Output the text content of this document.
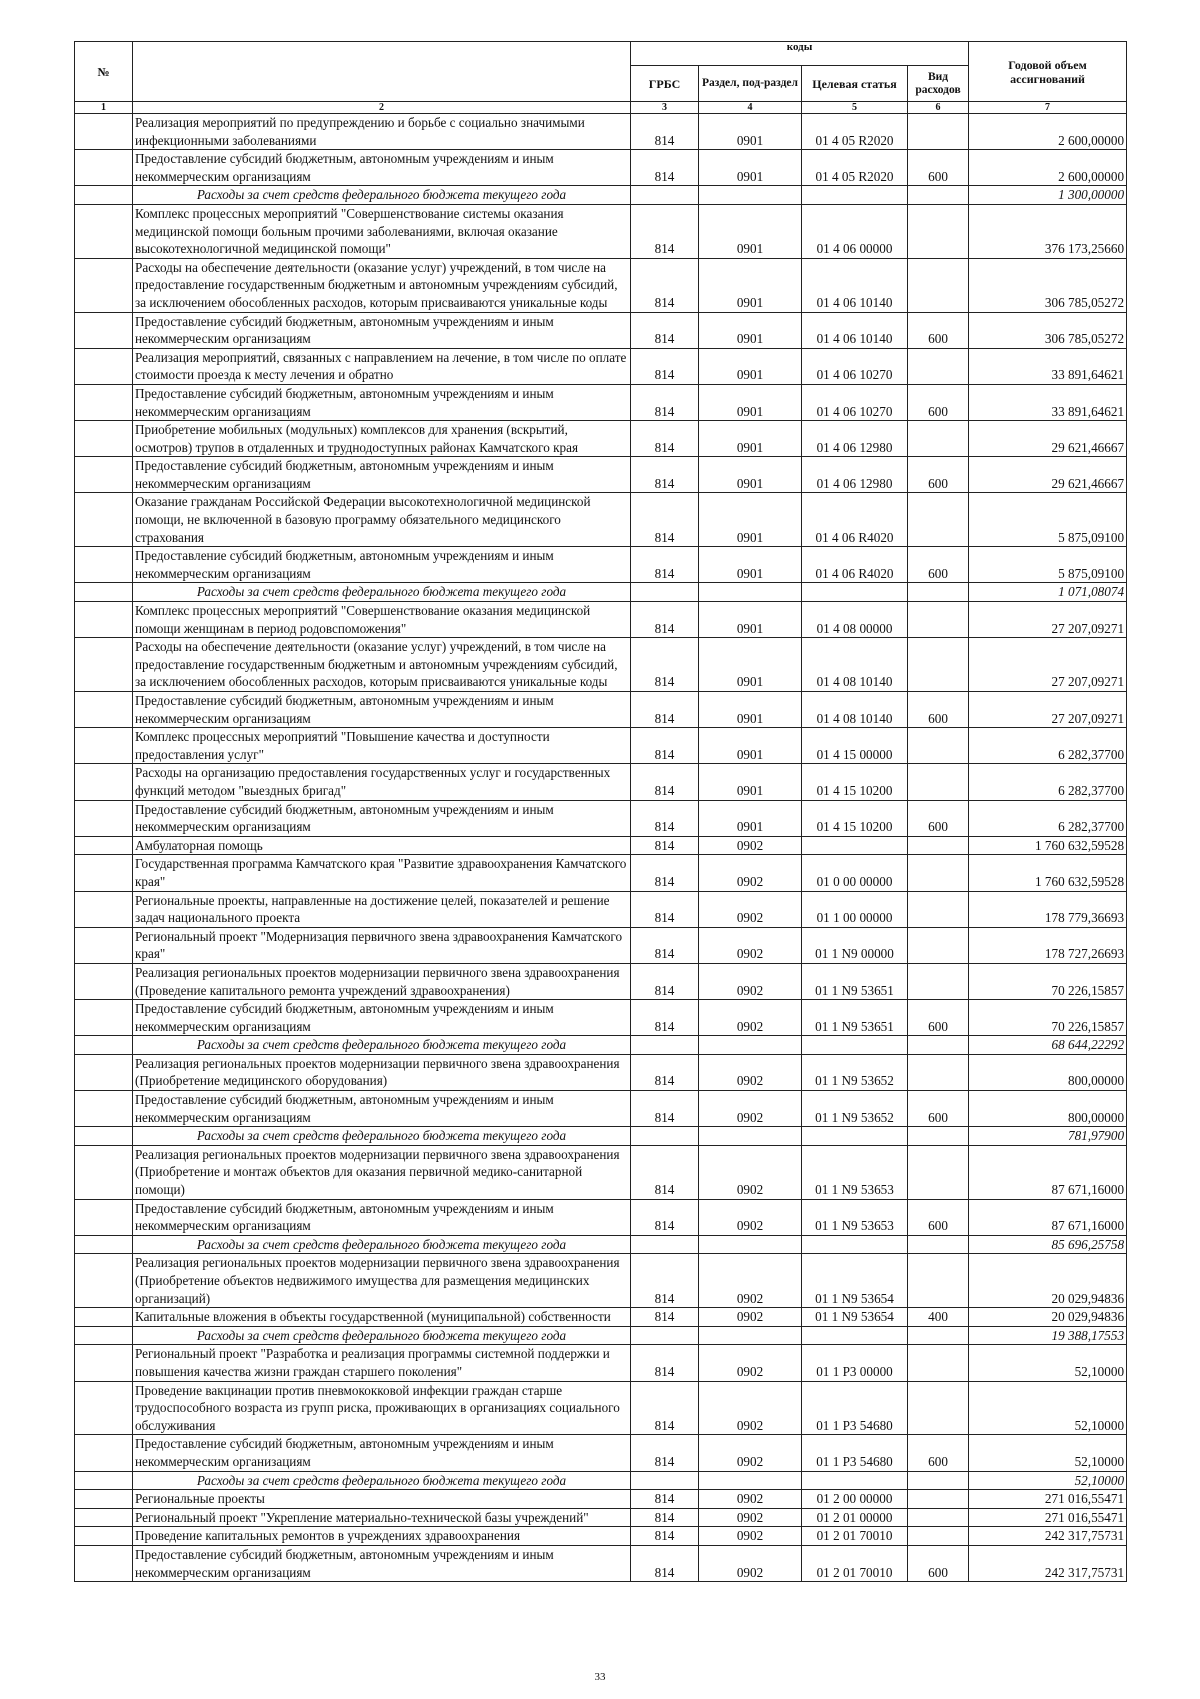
№		коды				Годовой объем ассигнований
		ГРБС	Раздел, под-раздел	Целевая статья	Вид расходов	
1	2	3	4	5	6	7
	Реализация мероприятий по предупреждению и борьбе с социально значимыми инфекционными заболеваниями	814	0901	01 4 05 R2020		2 600,00000
	Предоставление субсидий бюджетным, автономным учреждениям и иным некоммерческим организациям	814	0901	01 4 05 R2020	600	2 600,00000
	Расходы за счет средств федерального бюджета текущего года					1 300,00000
	Комплекс процессных мероприятий "Совершенствование системы оказания медицинской помощи больным прочими заболеваниями, включая оказание высокотехнологичной медицинской помощи"	814	0901	01 4 06 00000		376 173,25660
	Расходы на обеспечение деятельности (оказание услуг) учреждений, в том числе на предоставление государственным бюджетным и автономным учреждениям субсидий, за исключением обособленных расходов, которым присваиваются уникальные коды	814	0901	01 4 06 10140		306 785,05272
	Предоставление субсидий бюджетным, автономным учреждениям и иным некоммерческим организациям	814	0901	01 4 06 10140	600	306 785,05272
	Реализация мероприятий, связанных с направлением на лечение, в том числе по оплате стоимости проезда к месту лечения и обратно	814	0901	01 4 06 10270		33 891,64621
	Предоставление субсидий бюджетным, автономным учреждениям и иным некоммерческим организациям	814	0901	01 4 06 10270	600	33 891,64621
	Приобретение мобильных (модульных) комплексов для хранения (вскрытий, осмотров) трупов в отдаленных и труднодоступных районах Камчатского края	814	0901	01 4 06 12980		29 621,46667
	Предоставление субсидий бюджетным, автономным учреждениям и иным некоммерческим организациям	814	0901	01 4 06 12980	600	29 621,46667
	Оказание гражданам Российской Федерации высокотехнологичной медицинской помощи, не включенной в базовую программу обязательного медицинского страхования	814	0901	01 4 06 R4020		5 875,09100
	Предоставление субсидий бюджетным, автономным учреждениям и иным некоммерческим организациям	814	0901	01 4 06 R4020	600	5 875,09100
	Расходы за счет средств федерального бюджета текущего года					1 071,08074
	Комплекс процессных мероприятий "Совершенствование оказания медицинской помощи женщинам в период родовспоможения"	814	0901	01 4 08 00000		27 207,09271
	Расходы на обеспечение деятельности (оказание услуг) учреждений, в том числе на предоставление государственным бюджетным и автономным учреждениям субсидий, за исключением обособленных расходов, которым присваиваются уникальные коды	814	0901	01 4 08 10140		27 207,09271
	Предоставление субсидий бюджетным, автономным учреждениям и иным некоммерческим организациям	814	0901	01 4 08 10140	600	27 207,09271
	Комплекс процессных мероприятий "Повышение качества и доступности предоставления услуг"	814	0901	01 4 15 00000		6 282,37700
	Расходы на организацию предоставления государственных услуг и государственных функций методом "выездных бригад"	814	0901	01 4 15 10200		6 282,37700
	Предоставление субсидий бюджетным, автономным учреждениям и иным некоммерческим организациям	814	0901	01 4 15 10200	600	6 282,37700
	Амбулаторная помощь	814	0902			1 760 632,59528
	Государственная программа Камчатского края "Развитие здравоохранения Камчатского края"	814	0902	01 0 00 00000		1 760 632,59528
	Региональные проекты, направленные на достижение целей, показателей и решение задач национального проекта	814	0902	01 1 00 00000		178 779,36693
	Региональный проект "Модернизация первичного звена здравоохранения Камчатского края"	814	0902	01 1 N9 00000		178 727,26693
	Реализация региональных проектов модернизации первичного звена здравоохранения (Проведение капитального ремонта учреждений здравоохранения)	814	0902	01 1 N9 53651		70 226,15857
	Предоставление субсидий бюджетным, автономным учреждениям и иным некоммерческим организациям	814	0902	01 1 N9 53651	600	70 226,15857
	Расходы за счет средств федерального бюджета текущего года					68 644,22292
	Реализация региональных проектов модернизации первичного звена здравоохранения (Приобретение медицинского оборудования)	814	0902	01 1 N9 53652		800,00000
	Предоставление субсидий бюджетным, автономным учреждениям и иным некоммерческим организациям	814	0902	01 1 N9 53652	600	800,00000
	Расходы за счет средств федерального бюджета текущего года					781,97900
	Реализация региональных проектов модернизации первичного звена здравоохранения (Приобретение и монтаж объектов для оказания первичной медико-санитарной помощи)	814	0902	01 1 N9 53653		87 671,16000
	Предоставление субсидий бюджетным, автономным учреждениям и иным некоммерческим организациям	814	0902	01 1 N9 53653	600	87 671,16000
	Расходы за счет средств федерального бюджета текущего года					85 696,25758
	Реализация региональных проектов модернизации первичного звена здравоохранения (Приобретение объектов недвижимого имущества для размещения медицинских организаций)	814	0902	01 1 N9 53654		20 029,94836
	Капитальные вложения в объекты государственной (муниципальной) собственности	814	0902	01 1 N9 53654	400	20 029,94836
	Расходы за счет средств федерального бюджета текущего года					19 388,17553
	Региональный проект "Разработка и реализация программы системной поддержки и повышения качества жизни граждан старшего поколения"	814	0902	01 1 P3 00000		52,10000
	Проведение вакцинации против пневмококковой инфекции граждан старше трудоспособного возраста из групп риска, проживающих в организациях социального обслуживания	814	0902	01 1 P3 54680		52,10000
	Предоставление субсидий бюджетным, автономным учреждениям и иным некоммерческим организациям	814	0902	01 1 P3 54680	600	52,10000
	Расходы за счет средств федерального бюджета текущего года					52,10000
	Региональные проекты	814	0902	01 2 00 00000		271 016,55471
	Региональный проект "Укрепление материально-технической базы учреждений"	814	0902	01 2 01 00000		271 016,55471
	Проведение капитальных ремонтов в учреждениях здравоохранения	814	0902	01 2 01 70010		242 317,75731
	Предоставление субсидий бюджетным, автономным учреждениям и иным некоммерческим организациям	814	0902	01 2 01 70010	600	242 317,75731
33
